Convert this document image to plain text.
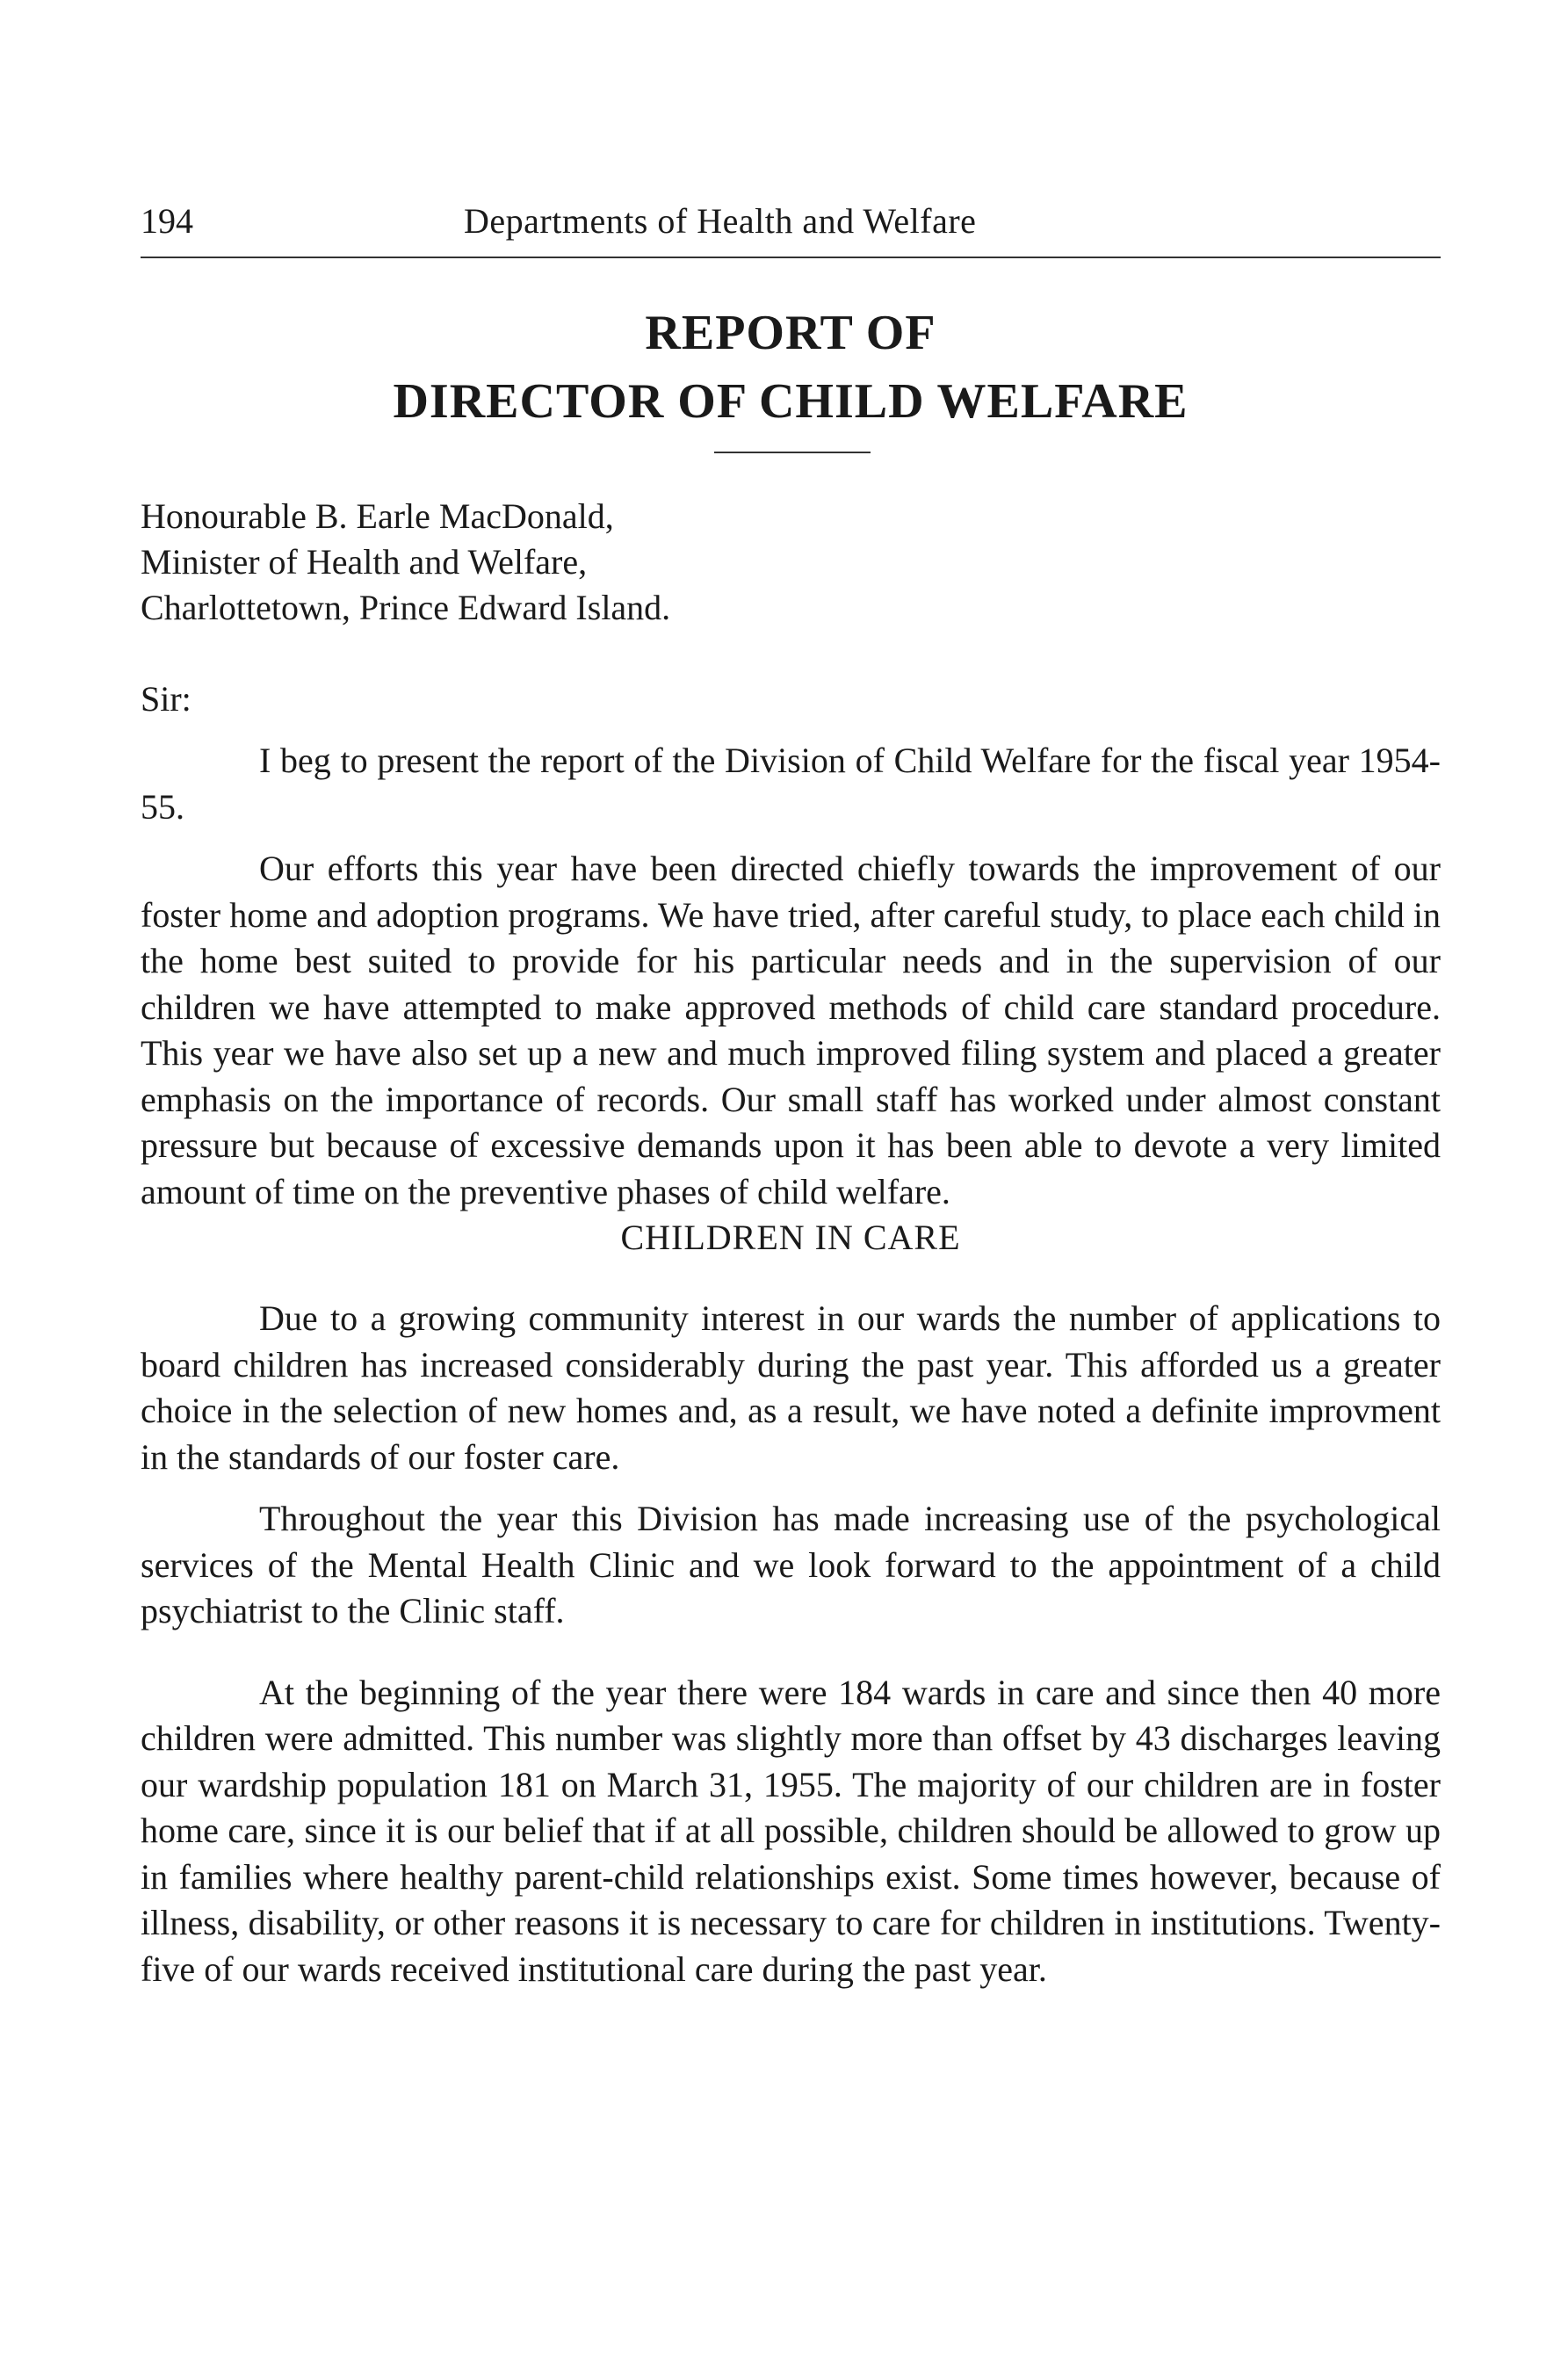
194	Departments of Health and Welfare
REPORT OF
DIRECTOR OF CHILD WELFARE
Honourable B. Earle MacDonald,
Minister of Health and Welfare,
Charlottetown, Prince Edward Island.
Sir:

I beg to present the report of the Division of Child Welfare for the fiscal year 1954-55.

Our efforts this year have been directed chiefly towards the improvement of our foster home and adoption programs. We have tried, after careful study, to place each child in the home best suited to provide for his particular needs and in the supervision of our children we have attempted to make approved methods of child care standard procedure. This year we have also set up a new and much improved filing system and placed a greater emphasis on the importance of records. Our small staff has worked under almost constant pressure but because of excessive demands upon it has been able to devote a very limited amount of time on the preventive phases of child welfare.

CHILDREN IN CARE

Due to a growing community interest in our wards the number of applications to board children has increased considerably during the past year. This afforded us a greater choice in the selection of new homes and, as a result, we have noted a definite improvment in the standards of our foster care.

Throughout the year this Division has made increasing use of the psychological services of the Mental Health Clinic and we look forward to the appointment of a child psychiatrist to the Clinic staff.

At the beginning of the year there were 184 wards in care and since then 40 more children were admitted. This number was slightly more than offset by 43 discharges leaving our wardship population 181 on March 31, 1955. The majority of our children are in foster home care, since it is our belief that if at all possible, children should be allowed to grow up in families where healthy parent-child relationships exist. Some times however, because of illness, disability, or other reasons it is necessary to care for children in institutions. Twenty-five of our wards received institutional care during the past year.
